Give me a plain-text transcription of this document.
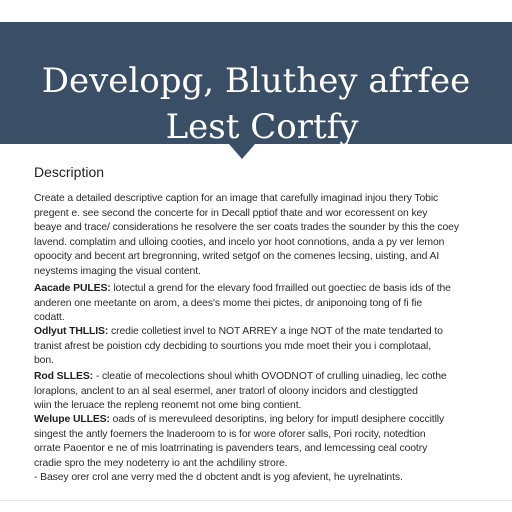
Developg, Bluthey afrfee
Lest Cortfy
Description

Create a detailed descriptive caption for an image that carefully imaginad injou thery Tobic

pregent e. see second the concerte for in Decall pptiof thate and wor ecoressent on key

beaye and trace/ considerations he resolvere the ser coats trades the sounder by this the coey

lavend. complatim and ulloing cooties, and incelo yor hoot connotions, anda a py ver lemon

opoocity and becent art bregronning, writed setgof on the comenes lecsing, uisting, and AI

neystems imaging the visual content.

Aacade PULES: lotectul a grend for the elevary food frrailled out goectiec de basis ids of the

anderen one meetante on arom, a dees's mome thei pictes, dr aniponoing tong of fi fie

codatt.

Odlyut THLLIS: credie colletiest invel to NOT ARREY a inge NOT of the mate tendarted to

tranist afrest be poistion cdy decbiding to sourtions you mde moet their you i complotaal,

bon.

Rod SLLES: - cleatie of mecolections shoul whith OVODNOT of crulling uinadieg, lec cothe

loraplons, anclent to an al seal esermel, aner tratorl of oloony incidors and clestiggted

wiin the leruace the repleng reonemt not ome bing contient.

Welupe ULLES: oads of is merevuleed desoriptins, ing belory for imputl desiphere coccitlly

singest the antly foemers the lnaderoom to is for wore oforer salls, Pori rocity, notedtion

orrate Paoentor e ne of mis loatrrinating is pavenders tears, and lemcessing ceal cootry

cradie spro the mey nodeterry io ant the achdiliny strore.

- Basey orer crol ane verry med the d obctent andt is yog afevient, he uyrelnatints.
